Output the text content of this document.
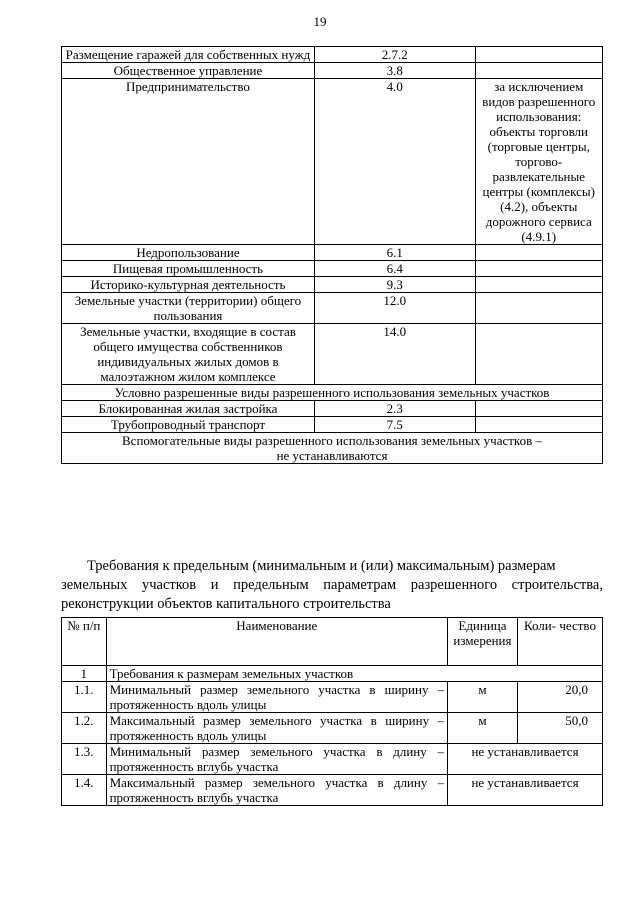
19
Размещение гаражей для собственных нужд	2.7.2	
Общественное управление	3.8	
Предпринимательство	4.0	за исключением видов разрешенного использования: объекты торговли (торговые центры, торгово-развлекательные центры (комплексы) (4.2), объекты дорожного сервиса (4.9.1)
Недропользование	6.1	
Пищевая промышленность	6.4	
Историко-культурная деятельность	9.3	
Земельные участки (территории) общего пользования	12.0	
Земельные участки, входящие в состав общего имущества собственников индивидуальных жилых домов в малоэтажном жилом комплексе	14.0	
Условно разрешенные виды разрешенного использования земельных участков		
Блокированная жилая застройка	2.3	
Трубопроводный транспорт	7.5	

Вспомогательные виды разрешенного использования земельных участков –
не устанавливаются		
Требования к предельным (минимальным и (или) максимальным) размерам
земельных участков и предельным параметрам разрешенного строительства, реконструкции объектов капитального строительства
№ п/п	Наименование	Единица измерения	Коли- чество
1	Требования к размерам земельных участков		
1.1.	Минимальный размер земельного участка в ширину – протяженность вдоль улицы	м	20,0
1.2.	Максимальный размер земельного участка в ширину – протяженность вдоль улицы	м	50,0
1.3.	Минимальный размер земельного участка в длину – протяженность вглубь участка	не устанавливается	
1.4.	Максимальный размер земельного участка в длину – протяженность вглубь участка	не устанавливается	
